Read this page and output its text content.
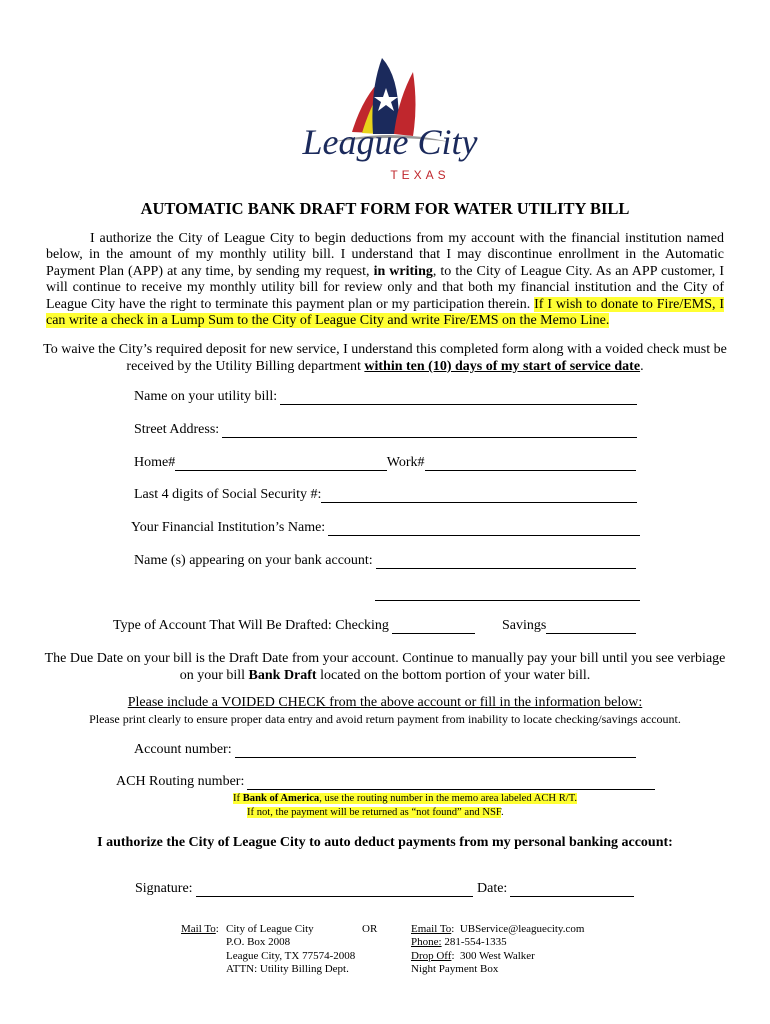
League City
TEXAS
AUTOMATIC BANK DRAFT FORM FOR WATER UTILITY BILL
I authorize the City of League City to begin deductions from my account with the financial institution named below, in the amount of my monthly utility bill. I understand that I may discontinue enrollment in the Automatic Payment Plan (APP) at any time, by sending my request, in writing, to the City of League City. As an APP customer, I will continue to receive my monthly utility bill for review only and that both my financial institution and the City of League City have the right to terminate this payment plan or my participation therein. If I wish to donate to Fire/EMS, I can write a check in a Lump Sum to the City of League City and write Fire/EMS on the Memo Line.
To waive the City’s required deposit for new service, I understand this completed form along with a voided check must be received by the Utility Billing department within ten (10) days of my start of service date.
Name on your utility bill:
Street Address:
Home#	Work#
Last 4 digits of Social Security #:
Your Financial Institution’s Name:
Name (s) appearing on your bank account:
Type of Account That Will Be Drafted: Checking	Savings
The Due Date on your bill is the Draft Date from your account. Continue to manually pay your bill until you see verbiage on your bill Bank Draft located on the bottom portion of your water bill.
Please include a VOIDED CHECK from the above account or fill in the information below:
Please print clearly to ensure proper data entry and avoid return payment from inability to locate checking/savings account.
Account number:
ACH Routing number:
If Bank of America, use the routing number in the memo area labeled ACH R/T.
If not, the payment will be returned as “not found” and NSF.
I authorize the City of League City to auto deduct payments from my personal banking account:
Signature:	Date:
Mail To: City of League City
P.O. Box 2008
League City, TX 77574-2008
ATTN: Utility Billing Dept.
OR	Email To:  UBService@leaguecity.com
Phone: 281-554-1335
Drop Off:  300 West Walker
Night Payment Box
